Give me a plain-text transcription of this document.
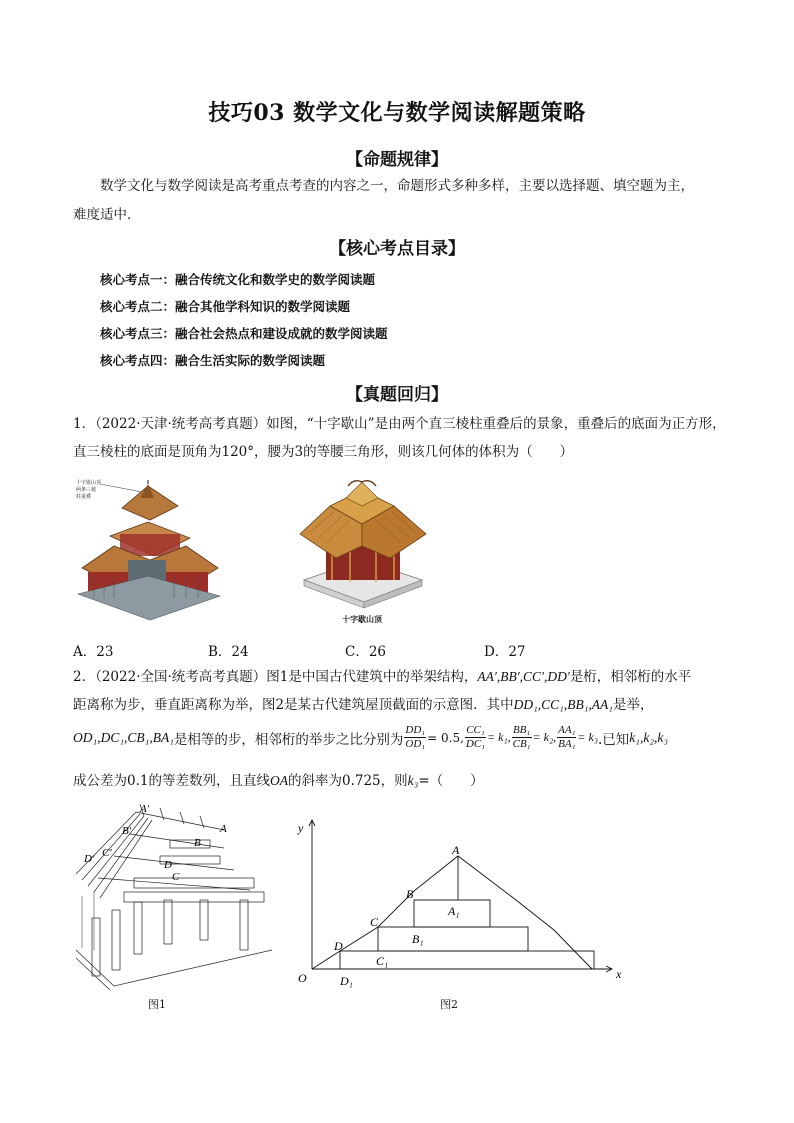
技巧03 数学文化与数学阅读解题策略
【命题规律】
数学文化与数学阅读是高考重点考查的内容之一，命题形式多种多样，主要以选择题、填空题为主，
难度适中．
【核心考点目录】
核心考点一：融合传统文化和数学史的数学阅读题
核心考点二：融合其他学科知识的数学阅读题
核心考点三：融合社会热点和建设成就的数学阅读题
核心考点四：融合生活实际的数学阅读题
【真题回归】
1．（2022·天津·统考高考真题）如图，“十字歇山”是由两个直三棱柱重叠后的景象，重叠后的底面为正方形，
直三棱柱的底面是顶角为120°，腰为3的等腰三角形，则该几何体的体积为（　　）
十字歇山顶
两条三棱
柱重叠
十字歇山顶
A．23	B．24	C．26	D．27
2．（2022·全国·统考高考真题）图1是中国古代建筑中的举架结构，AA′,BB′,CC′,DD′是桁，相邻桁的水平
距离称为步，垂直距离称为举，图2是某古代建筑屋顶截面的示意图．其中DD₁,CC₁,BB₁,AA₁是举，
OD₁,DC₁,CB₁,BA₁ 是相等的步，相邻桁的举步之比分别为 $\frac{\text{DD₁}}{\text{OD₁}} = 0.5$, $\frac{\text{CC₁}}{\text{DC₁}} = k_1$, $\frac{\text{BB₁}}{\text{CB₁}} = k_2$, $\frac{\text{AA₁}}{\text{BA₁}} = k_3$ .已知 k₁,k₂,k₃
成公差为0.1的等差数列，且直线OA的斜率为0.725，则k₃=（　　）
A′
B′
C′
D′
A
B
C
D
图1
y
x
O
A
B
C
D
A₁
B₁
C₁
D₁
图2
